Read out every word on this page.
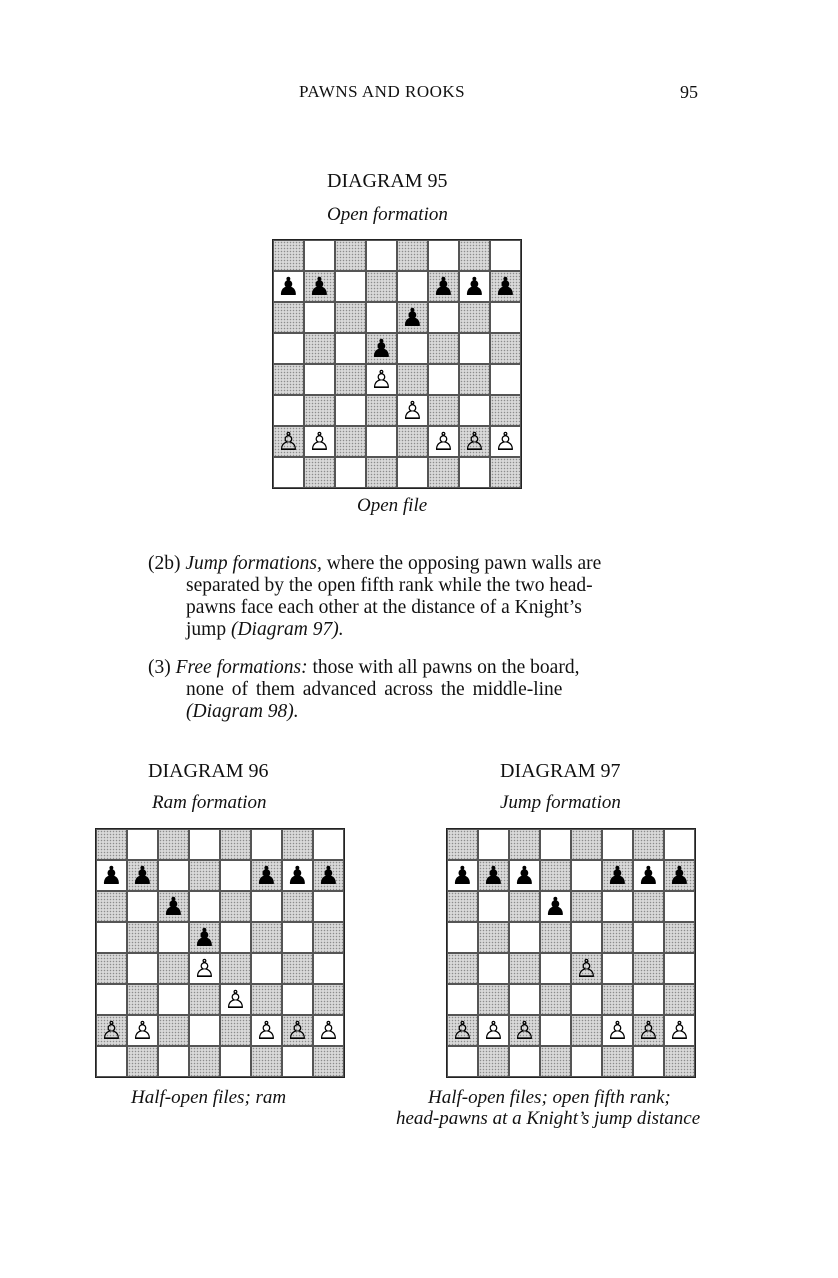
PAWNS AND ROOKS	95
DIAGRAM 95
Open formation
♟ ♟	♟ ♟ ♟
♟
♟
♙
♙
♙ ♙	♙ ♙ ♙
Open file
(2b) Jump formations, where the opposing pawn walls are
separated by the open fifth rank while the two head-
pawns face each other at the distance of a Knight’s
jump (Diagram 97).
(3) Free formations: those with all pawns on the board,
none of them advanced across the middle-line
(Diagram 98).
DIAGRAM 96
Ram formation
♟ ♟	♟ ♟ ♟
♟
♟
♙
♙
♙ ♙	♙ ♙ ♙
Half-open files; ram
DIAGRAM 97
Jump formation
♟ ♟ ♟	♟ ♟ ♟
♟
♙
♙ ♙ ♙	♙ ♙ ♙
Half-open files; open fifth rank;
head-pawns at a Knight’s jump distance
